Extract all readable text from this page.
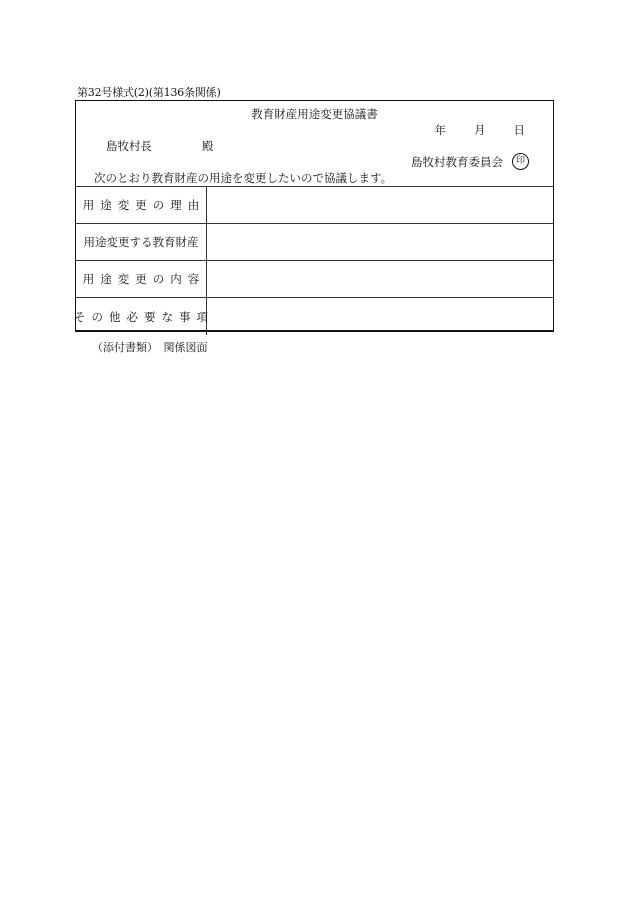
第32号様式(2)(第136条関係)
教育財産用途変更協議書
年 月 日
島牧村長	殿
島牧村教育委員会	印
次のとおり教育財産の用途を変更したいので協議します。
用途変更の理由
用途変更する教育財産
用途変更の内容
その他必要な事項
（添付書類）　関係図面
